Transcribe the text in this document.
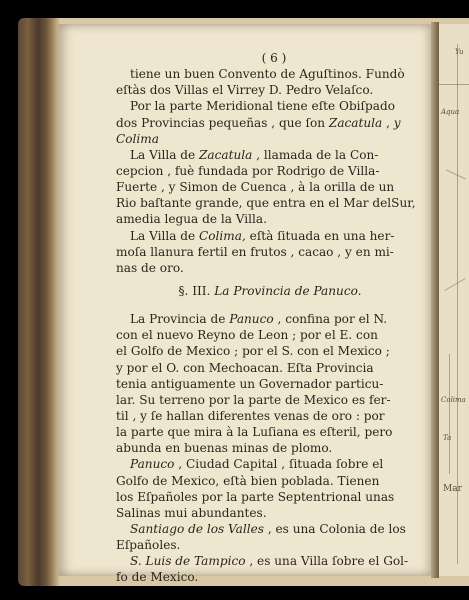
Yu
Aqua
Colima
Ta
Mar
( 6 )
tiene un buen Convento de Aguſtinos. Fundò
eſtàs dos Villas el Virrey D. Pedro Velaſco.
Por la parte Meridional tiene eſte Obiſpado
dos Provincias pequeñas , que ſon Zacatula , y
Colima
La Villa de Zacatula , llamada de la Con-
cepcion , fuè fundada por Rodrigo de Villa-
Fuerte , y Simon de Cuenca , à la orilla de un
Rio baſtante grande, que entra en el Mar delSur,
amedia legua de la Villa.
La Villa de Colima, eſtà ſituada en una her-
moſa llanura fertil en frutos , cacao , y en mi-
nas de oro.
§. III. La Provincia de Panuco.
La Provincia de Panuco , confina por el N.
con el nuevo Reyno de Leon ; por el E. con
el Golfo de Mexico ; por el S. con el Mexico ;
y por el O. con Mechoacan. Eſta Provincia
tenia antiguamente un Governador particu-
lar. Su terreno por la parte de Mexico es fer-
til , y ſe hallan diferentes venas de oro : por
la parte que mira à la Luſiana es eſteril, pero
abunda en buenas minas de plomo.
Panuco , Ciudad Capital , ſituada ſobre el
Golfo de Mexico, eſtà bien poblada. Tienen
los Eſpañoles por la parte Septentrional unas
Salinas mui abundantes.
Santiago de los Valles , es una Colonia de los
Eſpañoles.
S. Luis de Tampico , es una Villa ſobre el Gol-
fo de Mexico.
